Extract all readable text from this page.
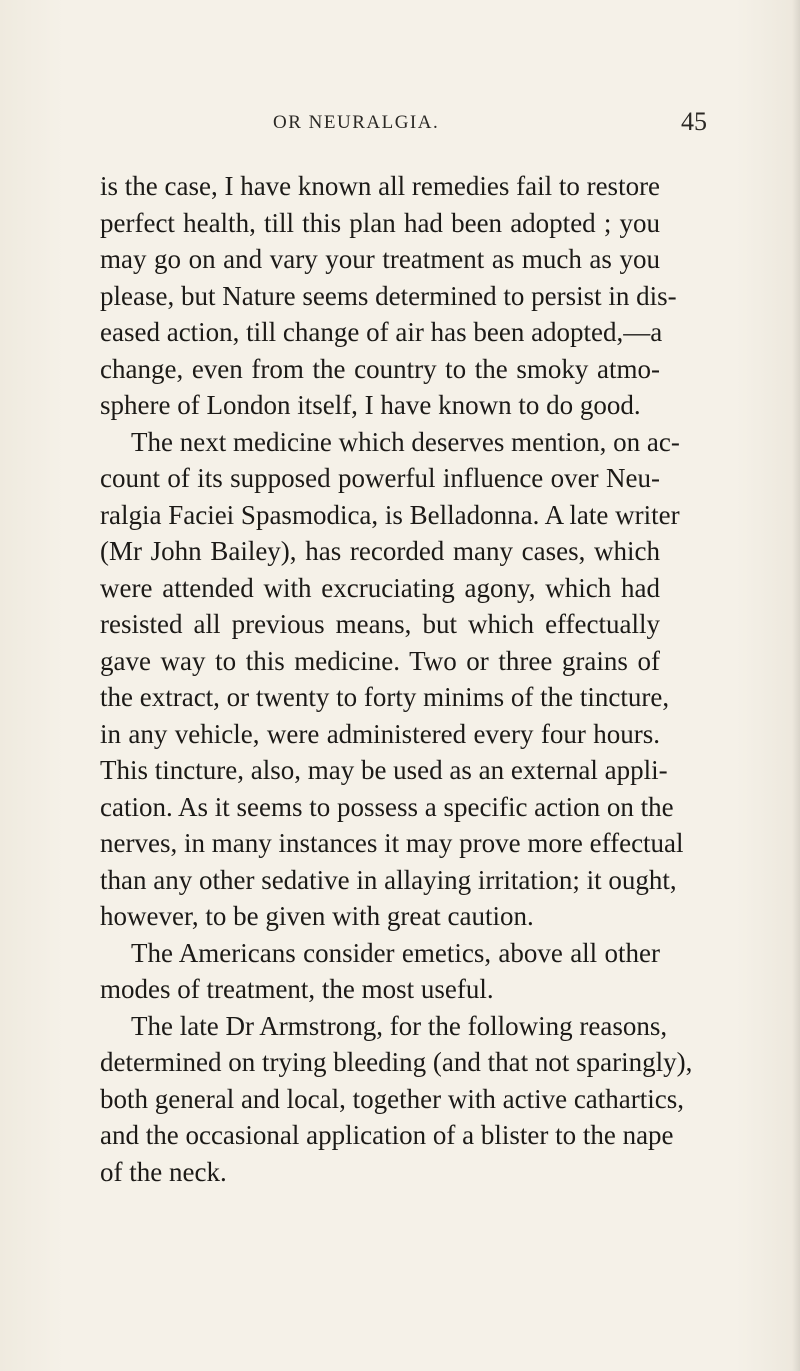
OR NEURALGIA.	45
is the case, I have known all remedies fail to restore
perfect health, till this plan had been adopted ; you
may go on and vary your treatment as much as you
please, but Nature seems determined to persist in dis-
eased action, till change of air has been adopted,—a
change, even from the country to the smoky atmo-
sphere of London itself, I have known to do good.
The next medicine which deserves mention, on ac-
count of its supposed powerful influence over Neu-
ralgia Faciei Spasmodica, is Belladonna. A late writer
(Mr John Bailey), has recorded many cases, which
were attended with excruciating agony, which had
resisted all previous means, but which effectually
gave way to this medicine. Two or three grains of
the extract, or twenty to forty minims of the tincture,
in any vehicle, were administered every four hours.
This tincture, also, may be used as an external appli-
cation. As it seems to possess a specific action on the
nerves, in many instances it may prove more effectual
than any other sedative in allaying irritation; it ought,
however, to be given with great caution.
The Americans consider emetics, above all other
modes of treatment, the most useful.
The late Dr Armstrong, for the following reasons,
determined on trying bleeding (and that not sparingly),
both general and local, together with active cathartics,
and the occasional application of a blister to the nape
of the neck.
